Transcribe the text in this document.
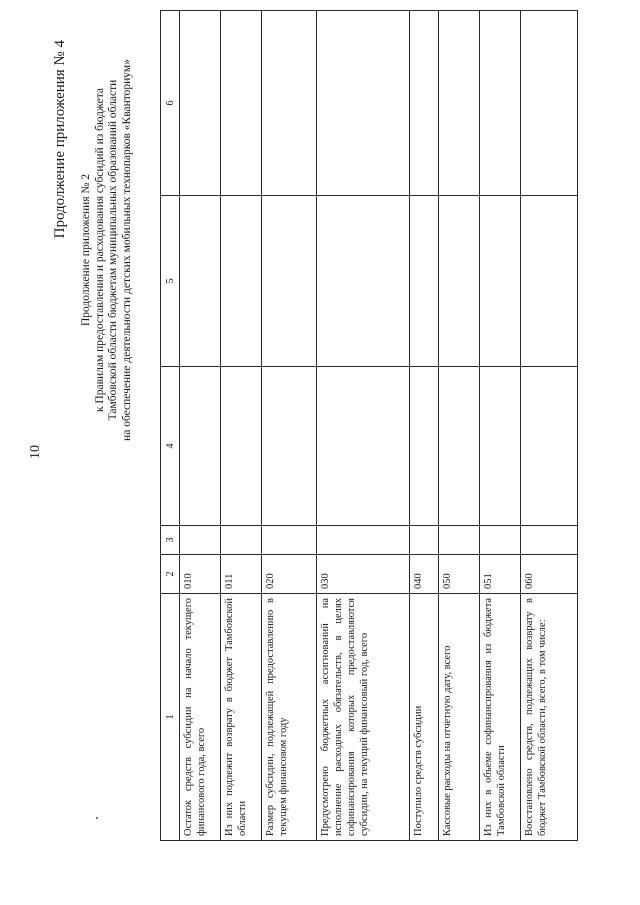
10
Продолжение приложения № 4
Продолжение приложения № 2 к Правилам предоставления и расходования субсидий из бюджета Тамбовской области бюджетам муниципальных образований области на обеспечение деятельности детских мобильных технопарков «Кванториум»
1	2	3	4	5	6
Остаток средств субсидии на начало текущего финансового года, всего	010				
Из них подлежит возврату в бюджет Тамбовской области	011				
Размер субсидии, подлежащей предоставлению в текущем финансовом году	020				
Предусмотрено бюджетных ассигнований на исполнение расходных обязательств, в целях софинансирования которых предоставляются субсидии, на текущий финансовый год, всего	030				
Поступило средств субсидии	040				
Кассовые расходы на отчетную дату, всего	050				
Из них в объеме софинансирования из бюджета Тамбовской области	051				
Восстановлено средств, подлежащих возврату в бюджет Тамбовской области, всего, в том числе:	060				
